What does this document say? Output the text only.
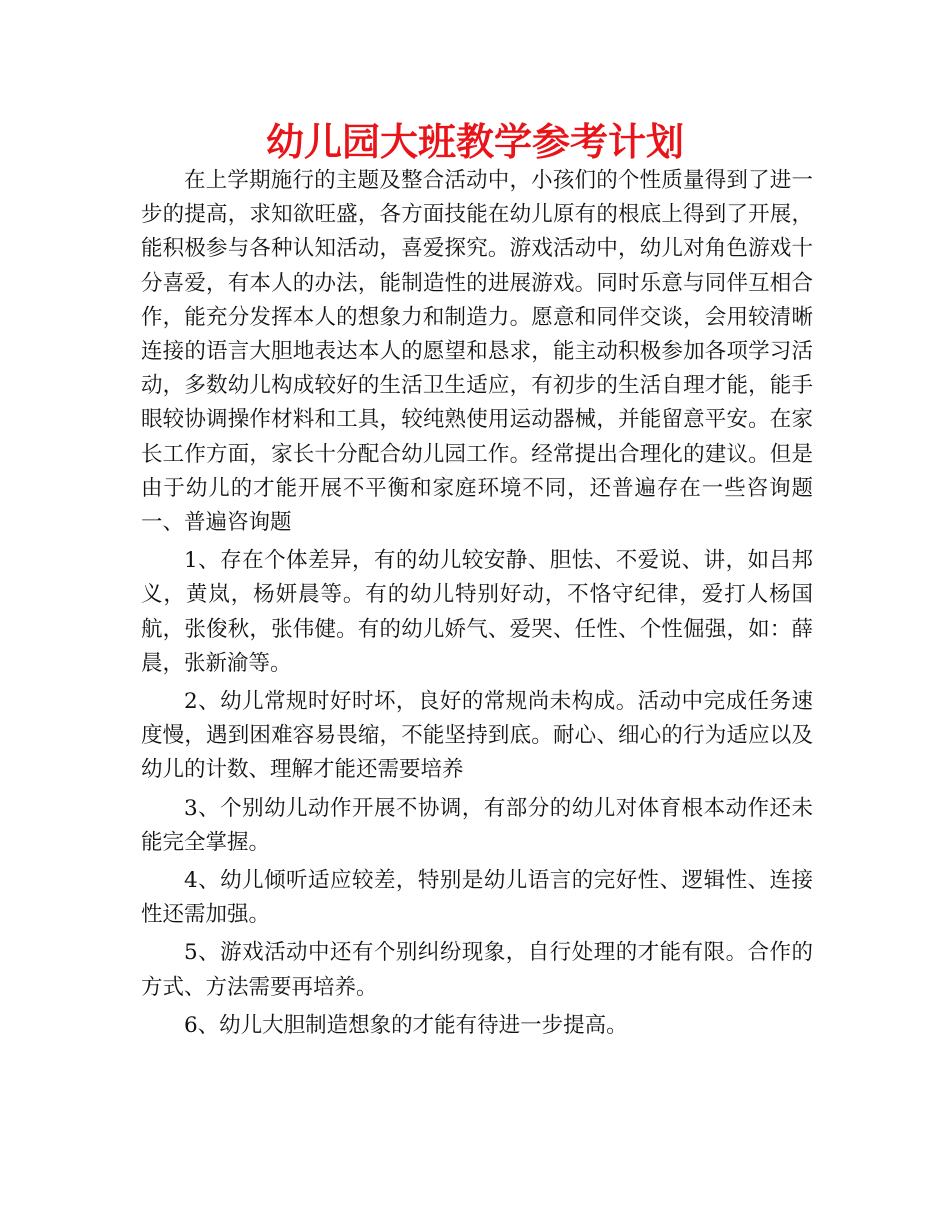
幼儿园大班教学参考计划

在上学期施行的主题及整合活动中，小孩们的个性质量得到了进一步的提高，求知欲旺盛，各方面技能在幼儿原有的根底上得到了开展，能积极参与各种认知活动，喜爱探究。游戏活动中，幼儿对角色游戏十分喜爱，有本人的办法，能制造性的进展游戏。同时乐意与同伴互相合作，能充分发挥本人的想象力和制造力。愿意和同伴交谈，会用较清晰连接的语言大胆地表达本人的愿望和恳求，能主动积极参加各项学习活动，多数幼儿构成较好的生活卫生适应，有初步的生活自理才能，能手眼较协调操作材料和工具，较纯熟使用运动器械，并能留意平安。在家长工作方面，家长十分配合幼儿园工作。经常提出合理化的建议。但是由于幼儿的才能开展不平衡和家庭环境不同，还普遍存在一些咨询题　　　一、普遍咨询题

1、存在个体差异，有的幼儿较安静、胆怯、不爱说、讲，如吕邦义，黄岚，杨妍晨等。有的幼儿特别好动，不恪守纪律，爱打人杨国航，张俊秋，张伟健。有的幼儿娇气、爱哭、任性、个性倔强，如：薛晨，张新渝等。

2、幼儿常规时好时坏，良好的常规尚未构成。活动中完成任务速度慢，遇到困难容易畏缩，不能坚持到底。耐心、细心的行为适应以及幼儿的计数、理解才能还需要培养

3、个别幼儿动作开展不协调，有部分的幼儿对体育根本动作还未能完全掌握。

4、幼儿倾听适应较差，特别是幼儿语言的完好性、逻辑性、连接性还需加强。

5、游戏活动中还有个别纠纷现象，自行处理的才能有限。合作的方式、方法需要再培养。

6、幼儿大胆制造想象的才能有待进一步提高。
